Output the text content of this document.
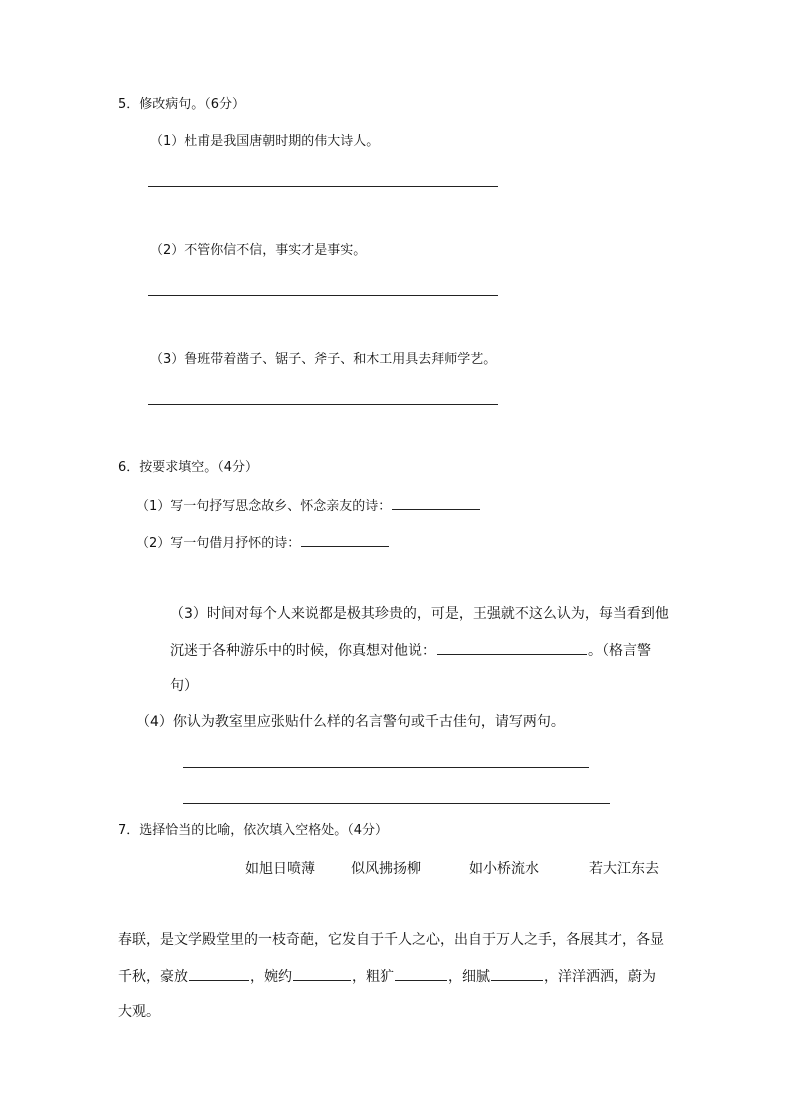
5．修改病句。（6分）
（1）杜甫是我国唐朝时期的伟大诗人。
（2）不管你信不信，事实才是事实。
（3）鲁班带着凿子、锯子、斧子、和木工用具去拜师学艺。
6．按要求填空。（4分）
（1）写一句抒写思念故乡、怀念亲友的诗：
（2）写一句借月抒怀的诗：
（3）时间对每个人来说都是极其珍贵的，可是，王强就不这么认为，每当看到他
沉迷于各种游乐中的时候，你真想对他说：	。（格言警
句）
（4）你认为教室里应张贴什么样的名言警句或千古佳句，请写两句。
7．选择恰当的比喻，依次填入空格处。（4分）
如旭日喷薄	似风拂扬柳	如小桥流水	若大江东去
春联，是文学殿堂里的一枝奇葩，它发自于千人之心，出自于万人之手，各展其才，各显
千秋，豪放	，婉约	，粗犷	，细腻	，洋洋洒洒，蔚为
大观。
